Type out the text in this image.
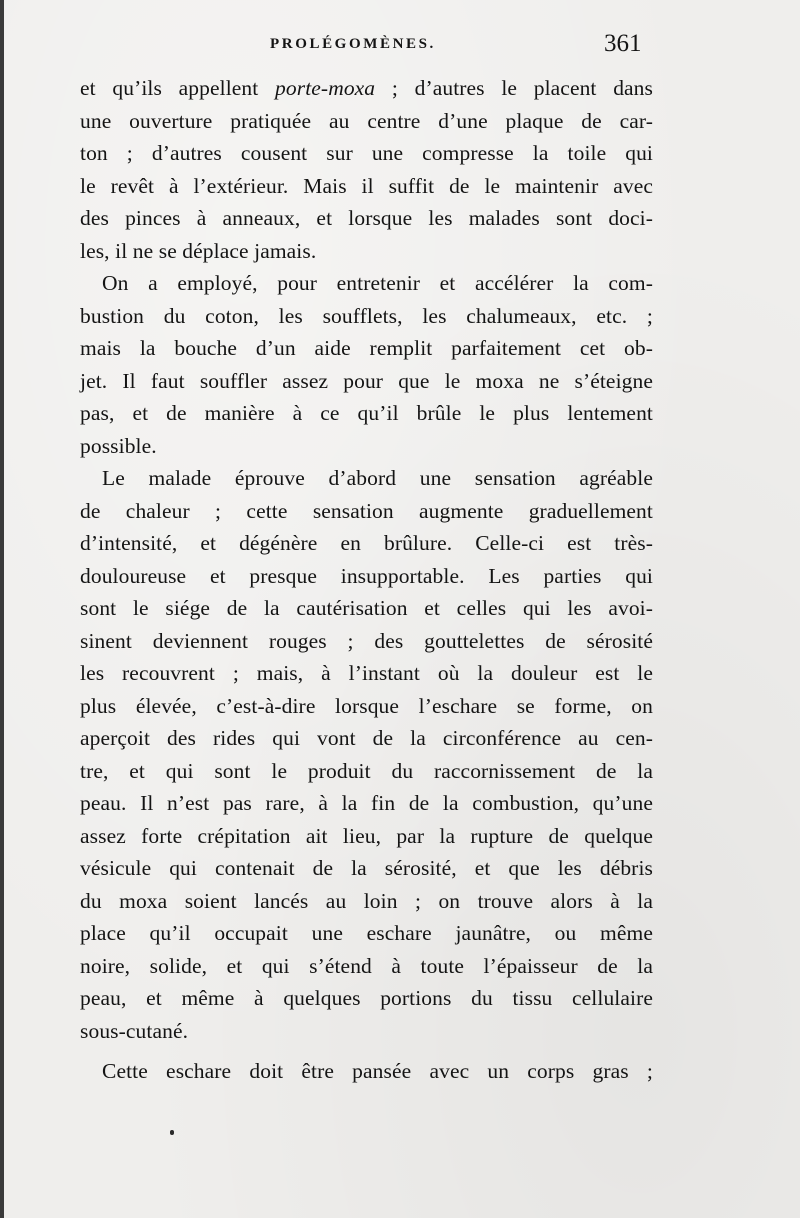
PROLÉGOMÈNES.	361
et qu’ils appellent porte-moxa ; d’autres le placent dans
une ouverture pratiquée au centre d’une plaque de car-
ton ; d’autres cousent sur une compresse la toile qui
le revêt à l’extérieur. Mais il suffit de le maintenir avec
des pinces à anneaux, et lorsque les malades sont doci-
les, il ne se déplace jamais.
On a employé, pour entretenir et accélérer la com-
bustion du coton, les soufflets, les chalumeaux, etc. ;
mais la bouche d’un aide remplit parfaitement cet ob-
jet. Il faut souffler assez pour que le moxa ne s’éteigne
pas, et de manière à ce qu’il brûle le plus lentement
possible.
Le malade éprouve d’abord une sensation agréable
de chaleur ; cette sensation augmente graduellement
d’intensité, et dégénère en brûlure. Celle-ci est très-
douloureuse et presque insupportable. Les parties qui
sont le siége de la cautérisation et celles qui les avoi-
sinent deviennent rouges ; des gouttelettes de sérosité
les recouvrent ; mais, à l’instant où la douleur est le
plus élevée, c’est-à-dire lorsque l’eschare se forme, on
aperçoit des rides qui vont de la circonférence au cen-
tre, et qui sont le produit du raccornissement de la
peau. Il n’est pas rare, à la fin de la combustion, qu’une
assez forte crépitation ait lieu, par la rupture de quelque
vésicule qui contenait de la sérosité, et que les débris
du moxa soient lancés au loin ; on trouve alors à la
place qu’il occupait une eschare jaunâtre, ou même
noire, solide, et qui s’étend à toute l’épaisseur de la
peau, et même à quelques portions du tissu cellulaire
sous-cutané.
Cette eschare doit être pansée avec un corps gras ;
